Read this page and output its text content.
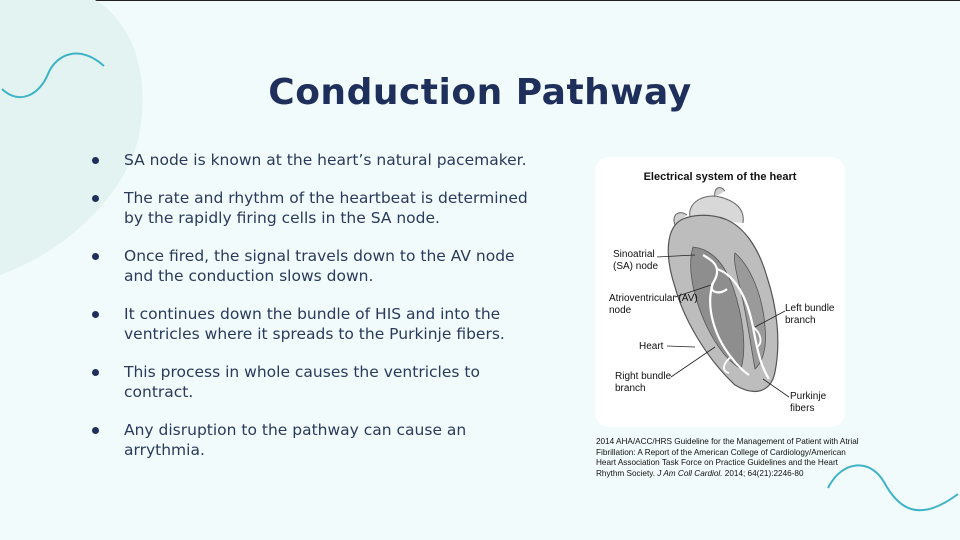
Conduction Pathway
SA node is known at the heart’s natural pacemaker.
The rate and rhythm of the heartbeat is determined by the rapidly firing cells in the SA node.
Once fired, the signal travels down to the AV node and the conduction slows down.
It continues down the bundle of HIS and into the ventricles where it spreads to the Purkinje fibers.
This process in whole causes the ventricles to contract.
Any disruption to the pathway can cause an arrythmia.
Electrical system of the heart
Sinoatrial (SA) node
Atrioventricular (AV) node
Heart
Right bundle branch
Left bundle branch
Purkinje fibers
2014 AHA/ACC/HRS Guideline for the Management of Patient with Atrial Fibrillation: A Report of the American College of Cardiology/American Heart Association Task Force on Practice Guidelines and the Heart Rhythm Society. J Am Coll Cardiol. 2014; 64(21):2246-80
